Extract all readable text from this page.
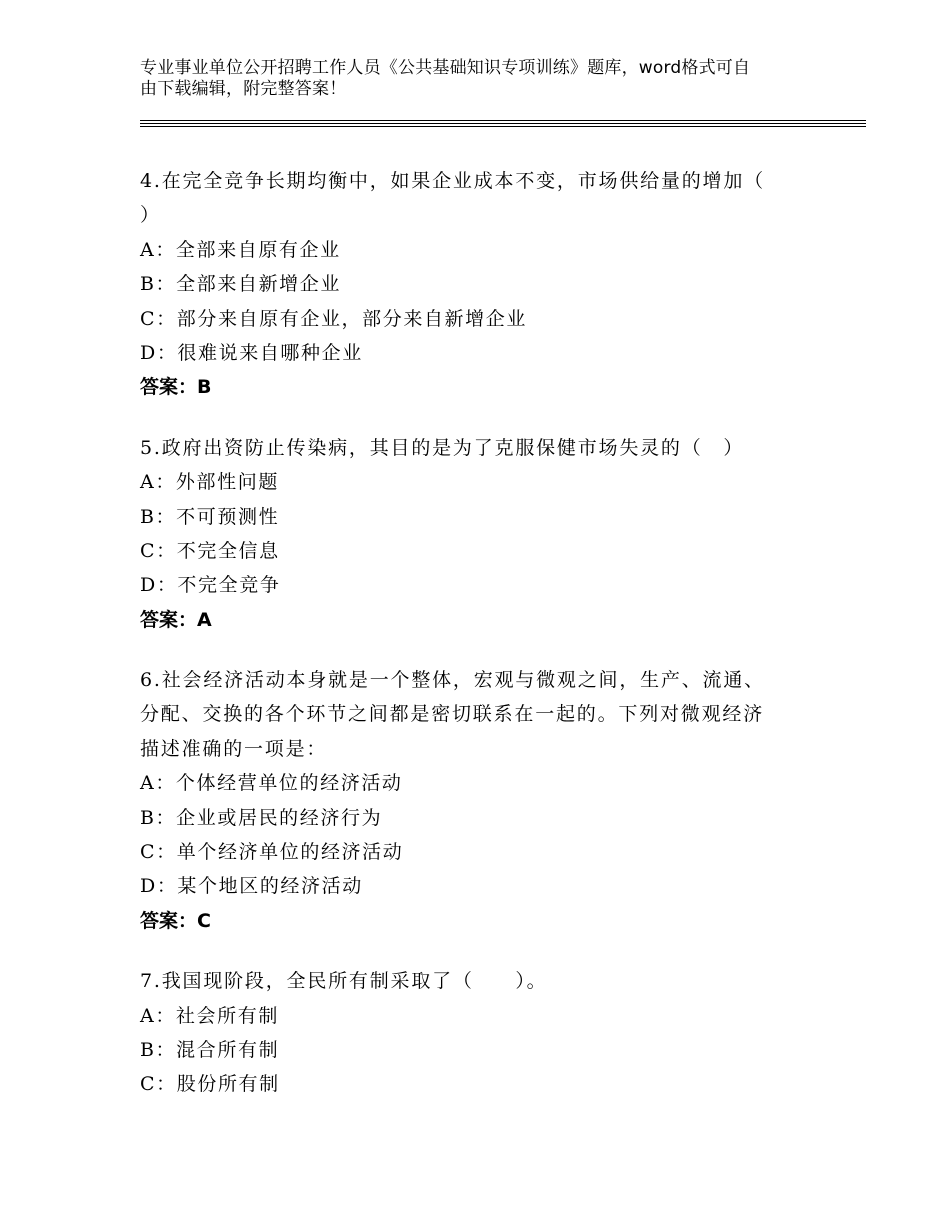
专业事业单位公开招聘工作人员《公共基础知识专项训练》题库，word格式可自
由下载编辑，附完整答案！
4.在完全竞争长期均衡中，如果企业成本不变，市场供给量的增加（
）
A：全部来自原有企业
B：全部来自新增企业
C：部分来自原有企业，部分来自新增企业
D：很难说来自哪种企业
答案：B
5.政府出资防止传染病，其目的是为了克服保健市场失灵的（　）
A：外部性问题
B：不可预测性
C：不完全信息
D：不完全竞争
答案：A
6.社会经济活动本身就是一个整体，宏观与微观之间，生产、流通、
分配、交换的各个环节之间都是密切联系在一起的。下列对微观经济
描述准确的一项是：
A：个体经营单位的经济活动
B：企业或居民的经济行为
C：单个经济单位的经济活动
D：某个地区的经济活动
答案：C
7.我国现阶段，全民所有制采取了（　　）。
A：社会所有制
B：混合所有制
C：股份所有制
